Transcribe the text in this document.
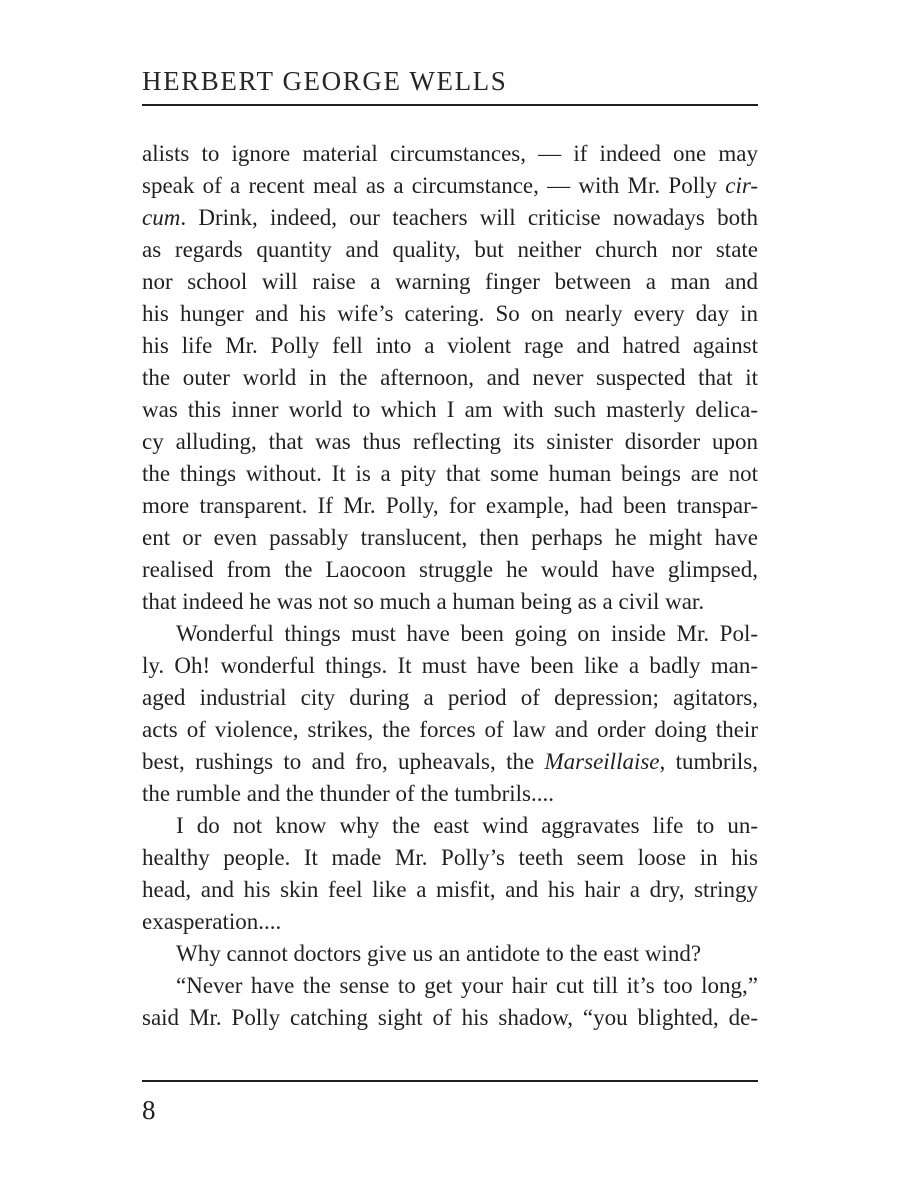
HERBERT GEORGE WELLS
alists to ignore material circumstances, — if indeed one may
speak of a recent meal as a circumstance, — with Mr. Polly cir-
cum. Drink, indeed, our teachers will criticise nowadays both
as regards quantity and quality, but neither church nor state
nor school will raise a warning finger between a man and
his hunger and his wife’s catering. So on nearly every day in
his life Mr. Polly fell into a violent rage and hatred against
the outer world in the afternoon, and never suspected that it
was this inner world to which I am with such masterly delica-
cy alluding, that was thus reflecting its sinister disorder upon
the things without. It is a pity that some human beings are not
more transparent. If Mr. Polly, for example, had been transpar-
ent or even passably translucent, then perhaps he might have
realised from the Laocoon struggle he would have glimpsed,
that indeed he was not so much a human being as a civil war.
Wonderful things must have been going on inside Mr. Pol-
ly. Oh! wonderful things. It must have been like a badly man-
aged industrial city during a period of depression; agitators,
acts of violence, strikes, the forces of law and order doing their
best, rushings to and fro, upheavals, the Marseillaise, tumbrils,
the rumble and the thunder of the tumbrils....
I do not know why the east wind aggravates life to un-
healthy people. It made Mr. Polly’s teeth seem loose in his
head, and his skin feel like a misfit, and his hair a dry, stringy
exasperation....
Why cannot doctors give us an antidote to the east wind?
“Never have the sense to get your hair cut till it’s too long,”
said Mr. Polly catching sight of his shadow, “you blighted, de-
8
